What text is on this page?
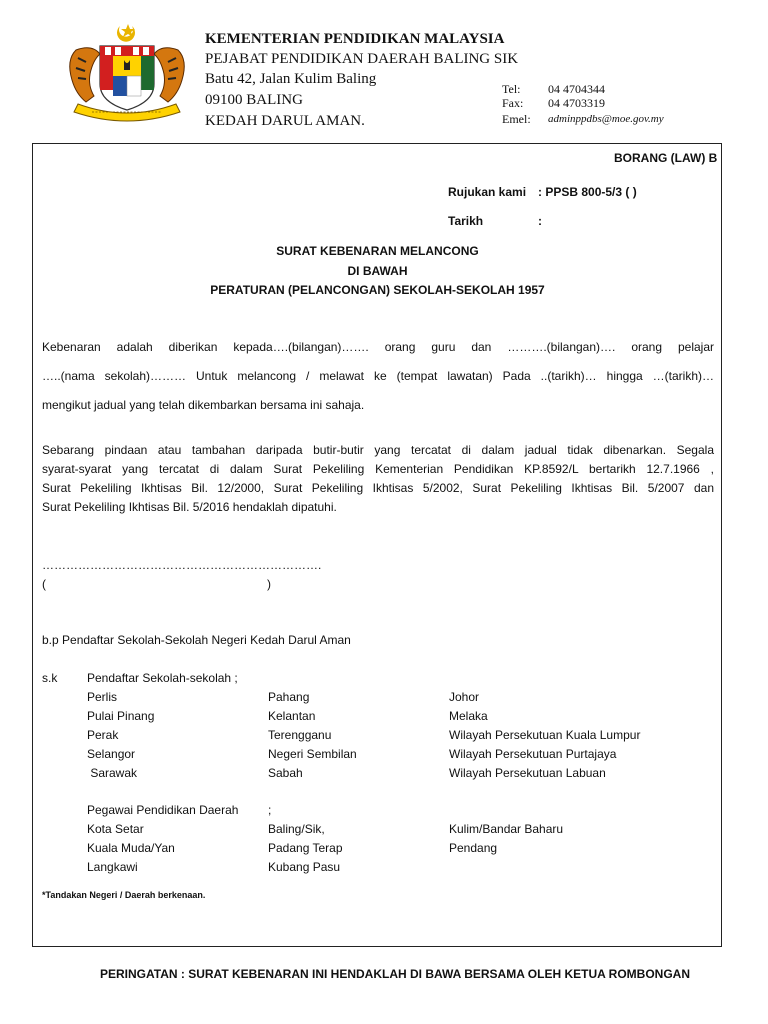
KEMENTERIAN PENDIDIKAN MALAYSIA
PEJABAT PENDIDIKAN DAERAH BALING SIK
Batu 42, Jalan Kulim Baling
09100 BALING
KEDAH DARUL AMAN.
Tel: 04 4704344
Fax: 04 4703319
Emel: adminppdbs@moe.gov.my
BORANG (LAW) B
Rujukan kami : PPSB 800-5/3 ( )
Tarikh	:
SURAT KEBENARAN MELANCONG
DI BAWAH
PERATURAN (PELANCONGAN) SEKOLAH-SEKOLAH 1957
Kebenaran adalah diberikan kepada….(bilangan)……. orang guru dan ……….(bilangan)…. orang pelajar
…..(nama sekolah)……… Untuk melancong / melawat ke (tempat lawatan) Pada ..(tarikh)… hingga …(tarikh)…
mengikut jadual yang telah dikembarkan bersama ini sahaja.
Sebarang pindaan atau tambahan daripada butir-butir yang tercatat di dalam jadual tidak dibenarkan. Segala
syarat-syarat yang tercatat di dalam Surat Pekeliling Kementerian Pendidikan KP.8592/L bertarikh 12.7.1966 ,
Surat Pekeliling Ikhtisas Bil. 12/2000, Surat Pekeliling Ikhtisas 5/2002, Surat Pekeliling Ikhtisas Bil. 5/2007 dan
Surat Pekeliling Ikhtisas Bil. 5/2016 hendaklah dipatuhi.
…………………………………………………………….
(	)
b.p Pendaftar Sekolah-Sekolah Negeri Kedah Darul Aman
s.k Pendaftar Sekolah-sekolah ;
Perlis
Pulai Pinang
Perak
Selangor
Sarawak
Pahang
Kelantan
Terengganu
Negeri Sembilan
Sabah
Johor
Melaka
Wilayah Persekutuan Kuala Lumpur
Wilayah Persekutuan Purtajaya
Wilayah Persekutuan Labuan
Pegawai Pendidikan Daerah ;
Kota Setar
Kuala Muda/Yan
Langkawi
Baling/Sik,
Padang Terap
Kubang Pasu
Kulim/Bandar Baharu
Pendang
*Tandakan Negeri / Daerah berkenaan.
PERINGATAN : SURAT KEBENARAN INI HENDAKLAH DI BAWA BERSAMA OLEH KETUA ROMBONGAN
